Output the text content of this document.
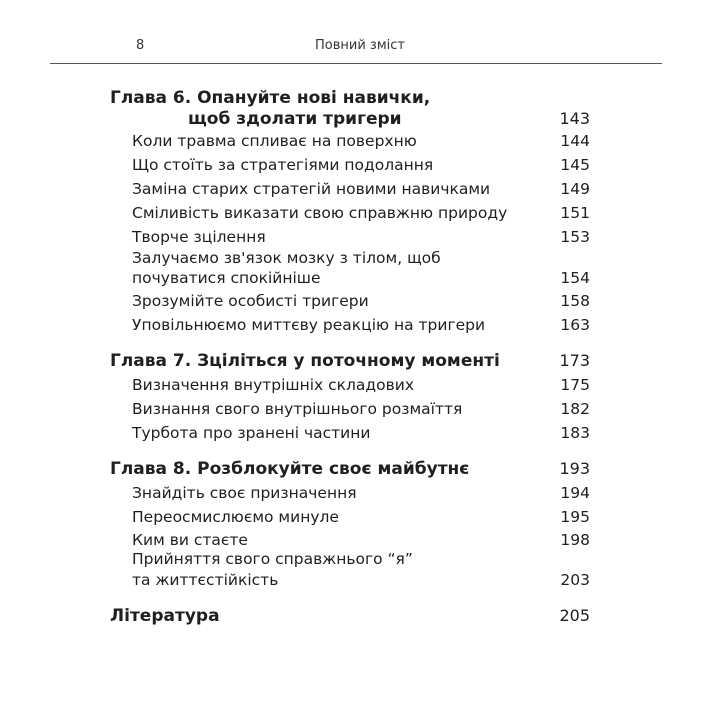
8	Повний зміст
Глава 6. Опануйте нові навички,
щоб здолати тригери	143
Коли травма спливає на поверхню	144
Що стоїть за стратегіями подолання	145
Заміна старих стратегій новими навичками	149
Сміливість виказати свою справжню природу	151
Творче зцілення	153
Залучаємо зв'язок мозку з тілом, щоб
почуватися спокійніше	154
Зрозумійте особисті тригери	158
Уповільнюємо миттєву реакцію на тригери	163
Глава 7. Зціліться у поточному моменті	173
Визначення внутрішніх складових	175
Визнання свого внутрішнього розмаїття	182
Турбота про зранені частини	183
Глава 8. Розблокуйте своє майбутнє	193
Знайдіть своє призначення	194
Переосмислюємо минуле	195
Ким ви стаєте	198
Прийняття свого справжнього “я”
та життєстійкість	203
Література	205
